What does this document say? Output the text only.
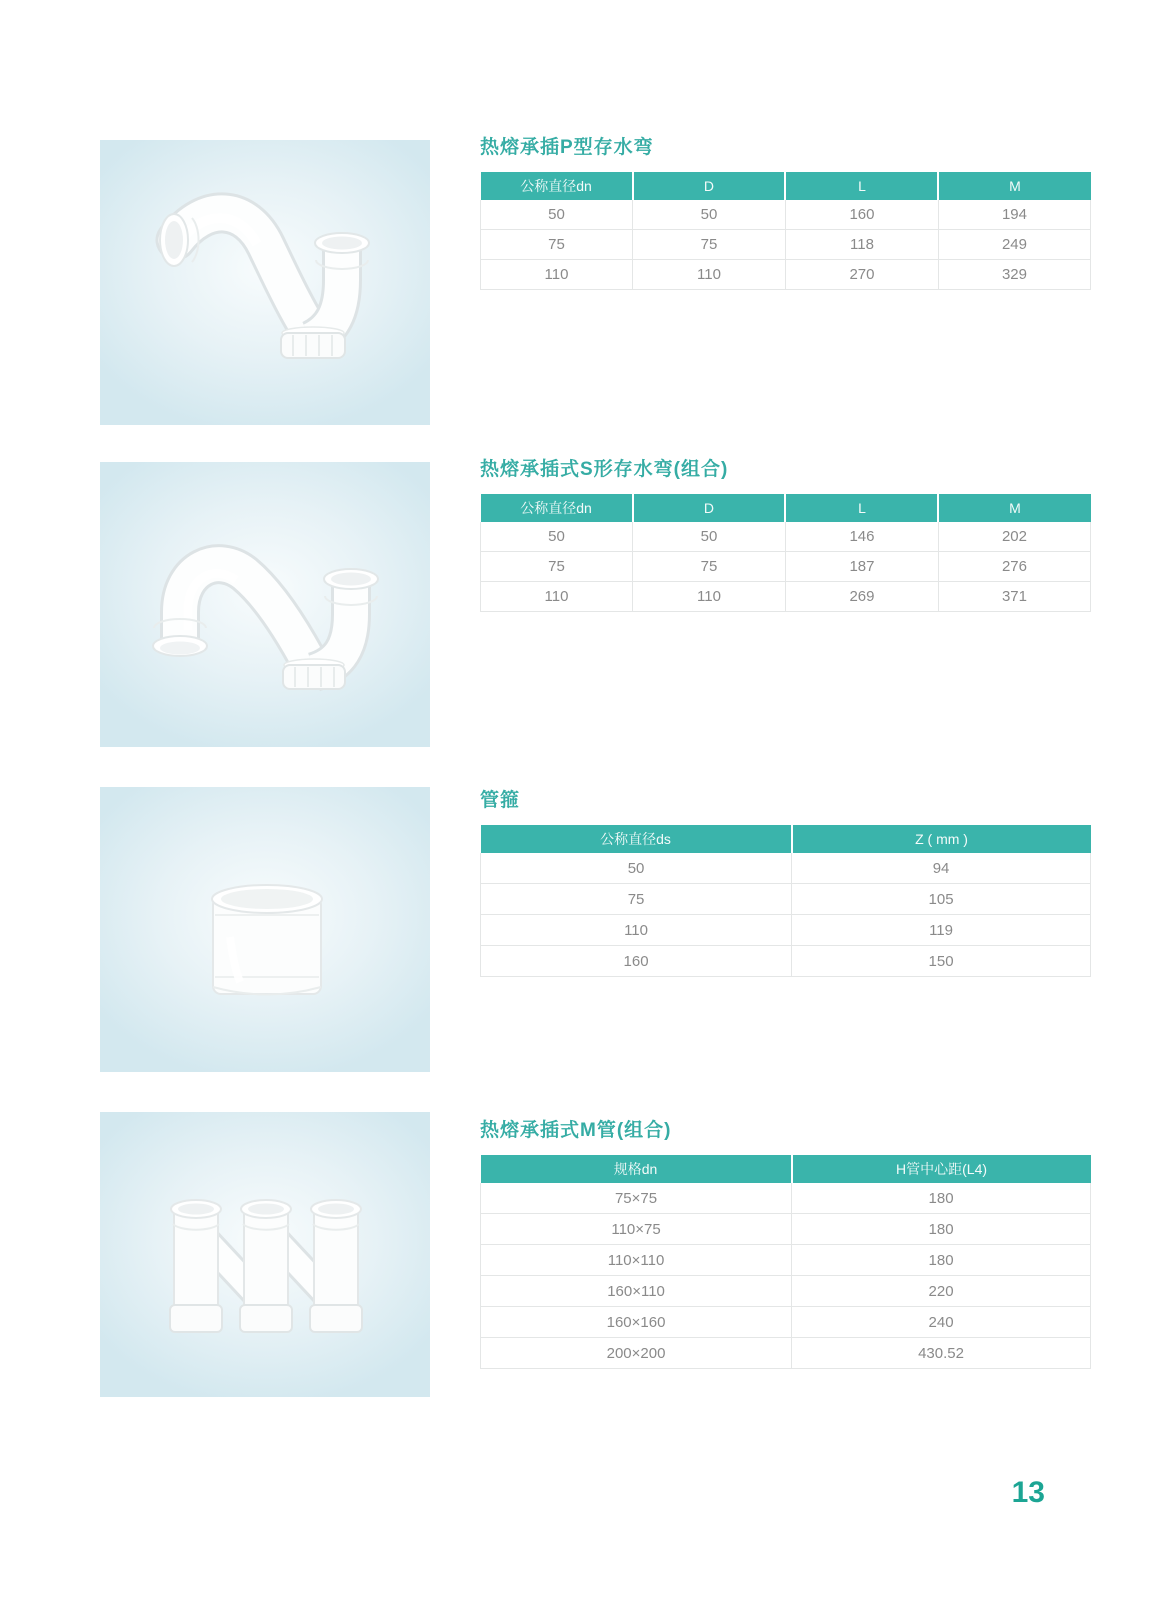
热熔承插P型存水弯
公称直径dn	D	L	M
50	50	160	194
75	75	118	249
110	110	270	329
热熔承插式S形存水弯(组合)
公称直径dn	D	L	M
50	50	146	202
75	75	187	276
110	110	269	371
管箍
公称直径ds	Z ( mm )
50	94
75	105
110	119
160	150
热熔承插式M管(组合)
规格dn	H管中心距(L4)
75×75	180
110×75	180
110×110	180
160×110	220
160×160	240
200×200	430.52
13
